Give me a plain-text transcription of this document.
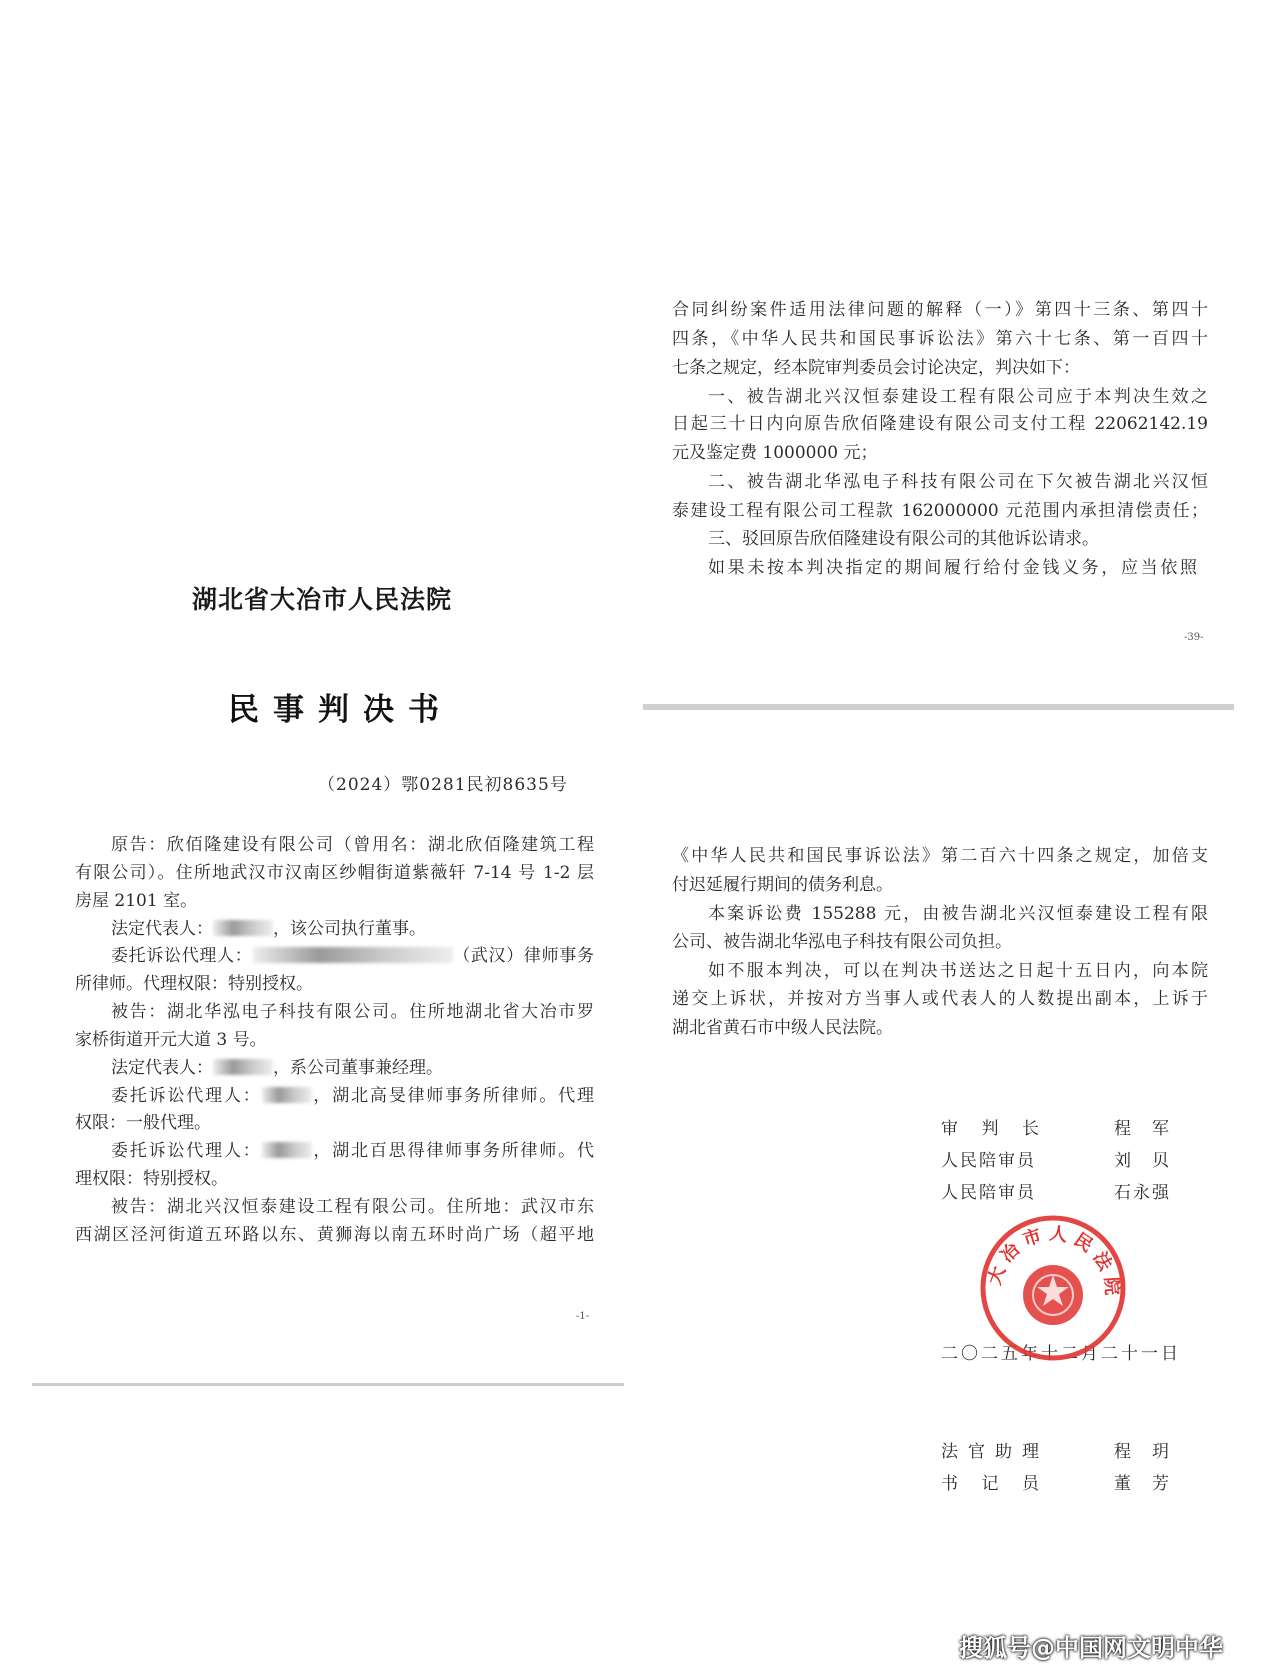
湖北省大冶市人民法院
民事判决书
（2024）鄂0281民初8635号
原告：欣佰隆建设有限公司（曾用名：湖北欣佰隆建筑工程
有限公司）。住所地武汉市汉南区纱帽街道紫薇轩 7-14 号 1-2 层
房屋 2101 室。
法定代表人：	，该公司执行董事。
委托诉讼代理人：	（武汉）律师事务
所律师。代理权限：特别授权。
被告：湖北华泓电子科技有限公司。住所地湖北省大冶市罗
家桥街道开元大道 3 号。
法定代表人：	，系公司董事兼经理。
委托诉讼代理人：	，湖北高旻律师事务所律师。代理
权限：一般代理。
委托诉讼代理人：	，湖北百思得律师事务所律师。代
理权限：特别授权。
被告：湖北兴汉恒泰建设工程有限公司。住所地：武汉市东
西湖区泾河街道五环路以东、黄狮海以南五环时尚广场（超平地
-1-
合同纠纷案件适用法律问题的解释（一）》第四十三条、第四十
四条，《中华人民共和国民事诉讼法》第六十七条、第一百四十
七条之规定，经本院审判委员会讨论决定，判决如下：
一、被告湖北兴汉恒泰建设工程有限公司应于本判决生效之
日起三十日内向原告欣佰隆建设有限公司支付工程 22062142.19
元及鉴定费 1000000 元；
二、被告湖北华泓电子科技有限公司在下欠被告湖北兴汉恒
泰建设工程有限公司工程款 162000000 元范围内承担清偿责任；
三、驳回原告欣佰隆建设有限公司的其他诉讼请求。
如果未按本判决指定的期间履行给付金钱义务，应当依照
-39-
《中华人民共和国民事诉讼法》第二百六十四条之规定，加倍支
付迟延履行期间的债务利息。
本案诉讼费 155288 元，由被告湖北兴汉恒泰建设工程有限
公司、被告湖北华泓电子科技有限公司负担。
如不服本判决，可以在判决书送达之日起十五日内，向本院
递交上诉状，并按对方当事人或代表人的人数提出副本，上诉于
湖北省黄石市中级人民法院。
审 判 长	程　军
人民陪审员	刘　贝
人民陪审员	石永强
二〇二五年十二月二十一日
大冶市人民法院
法官助理	程　玥
书 记 员	董　芳
搜狐号@中国网文明中华
